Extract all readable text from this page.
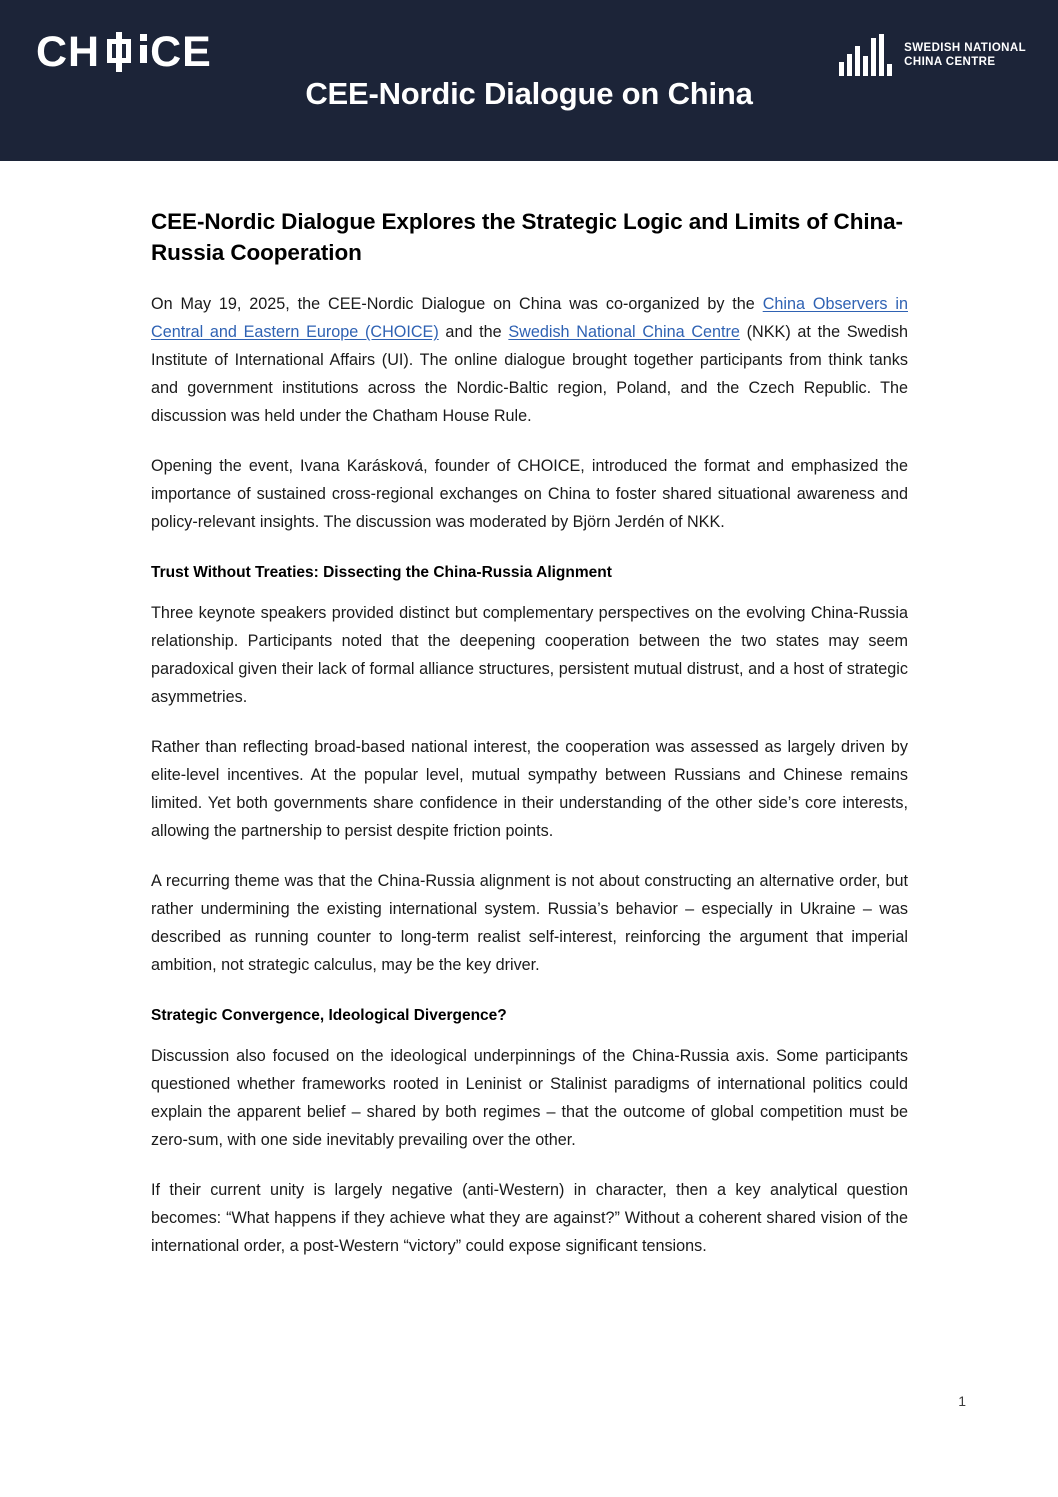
CH CE
CEE-Nordic Dialogue on China
SWEDISH NATIONAL
CHINA CENTRE
CEE-Nordic Dialogue Explores the Strategic Logic and Limits of China-Russia Cooperation

On May 19, 2025, the CEE-Nordic Dialogue on China was co-organized by the China Observers in Central and Eastern Europe (CHOICE) and the Swedish National China Centre (NKK) at the Swedish Institute of International Affairs (UI). The online dialogue brought together participants from think tanks and government institutions across the Nordic-Baltic region, Poland, and the Czech Republic. The discussion was held under the Chatham House Rule.

Opening the event, Ivana Karásková, founder of CHOICE, introduced the format and emphasized the importance of sustained cross-regional exchanges on China to foster shared situational awareness and policy-relevant insights. The discussion was moderated by Björn Jerdén of NKK.

Trust Without Treaties: Dissecting the China-Russia Alignment

Three keynote speakers provided distinct but complementary perspectives on the evolving China-Russia relationship. Participants noted that the deepening cooperation between the two states may seem paradoxical given their lack of formal alliance structures, persistent mutual distrust, and a host of strategic asymmetries.

Rather than reflecting broad-based national interest, the cooperation was assessed as largely driven by elite-level incentives. At the popular level, mutual sympathy between Russians and Chinese remains limited. Yet both governments share confidence in their understanding of the other side’s core interests, allowing the partnership to persist despite friction points.

A recurring theme was that the China-Russia alignment is not about constructing an alternative order, but rather undermining the existing international system. Russia’s behavior – especially in Ukraine – was described as running counter to long-term realist self-interest, reinforcing the argument that imperial ambition, not strategic calculus, may be the key driver.

Strategic Convergence, Ideological Divergence?

Discussion also focused on the ideological underpinnings of the China-Russia axis. Some participants questioned whether frameworks rooted in Leninist or Stalinist paradigms of international politics could explain the apparent belief – shared by both regimes – that the outcome of global competition must be zero-sum, with one side inevitably prevailing over the other.

If their current unity is largely negative (anti-Western) in character, then a key analytical question becomes: “What happens if they achieve what they are against?” Without a coherent shared vision of the international order, a post-Western “victory” could expose significant tensions.

1
